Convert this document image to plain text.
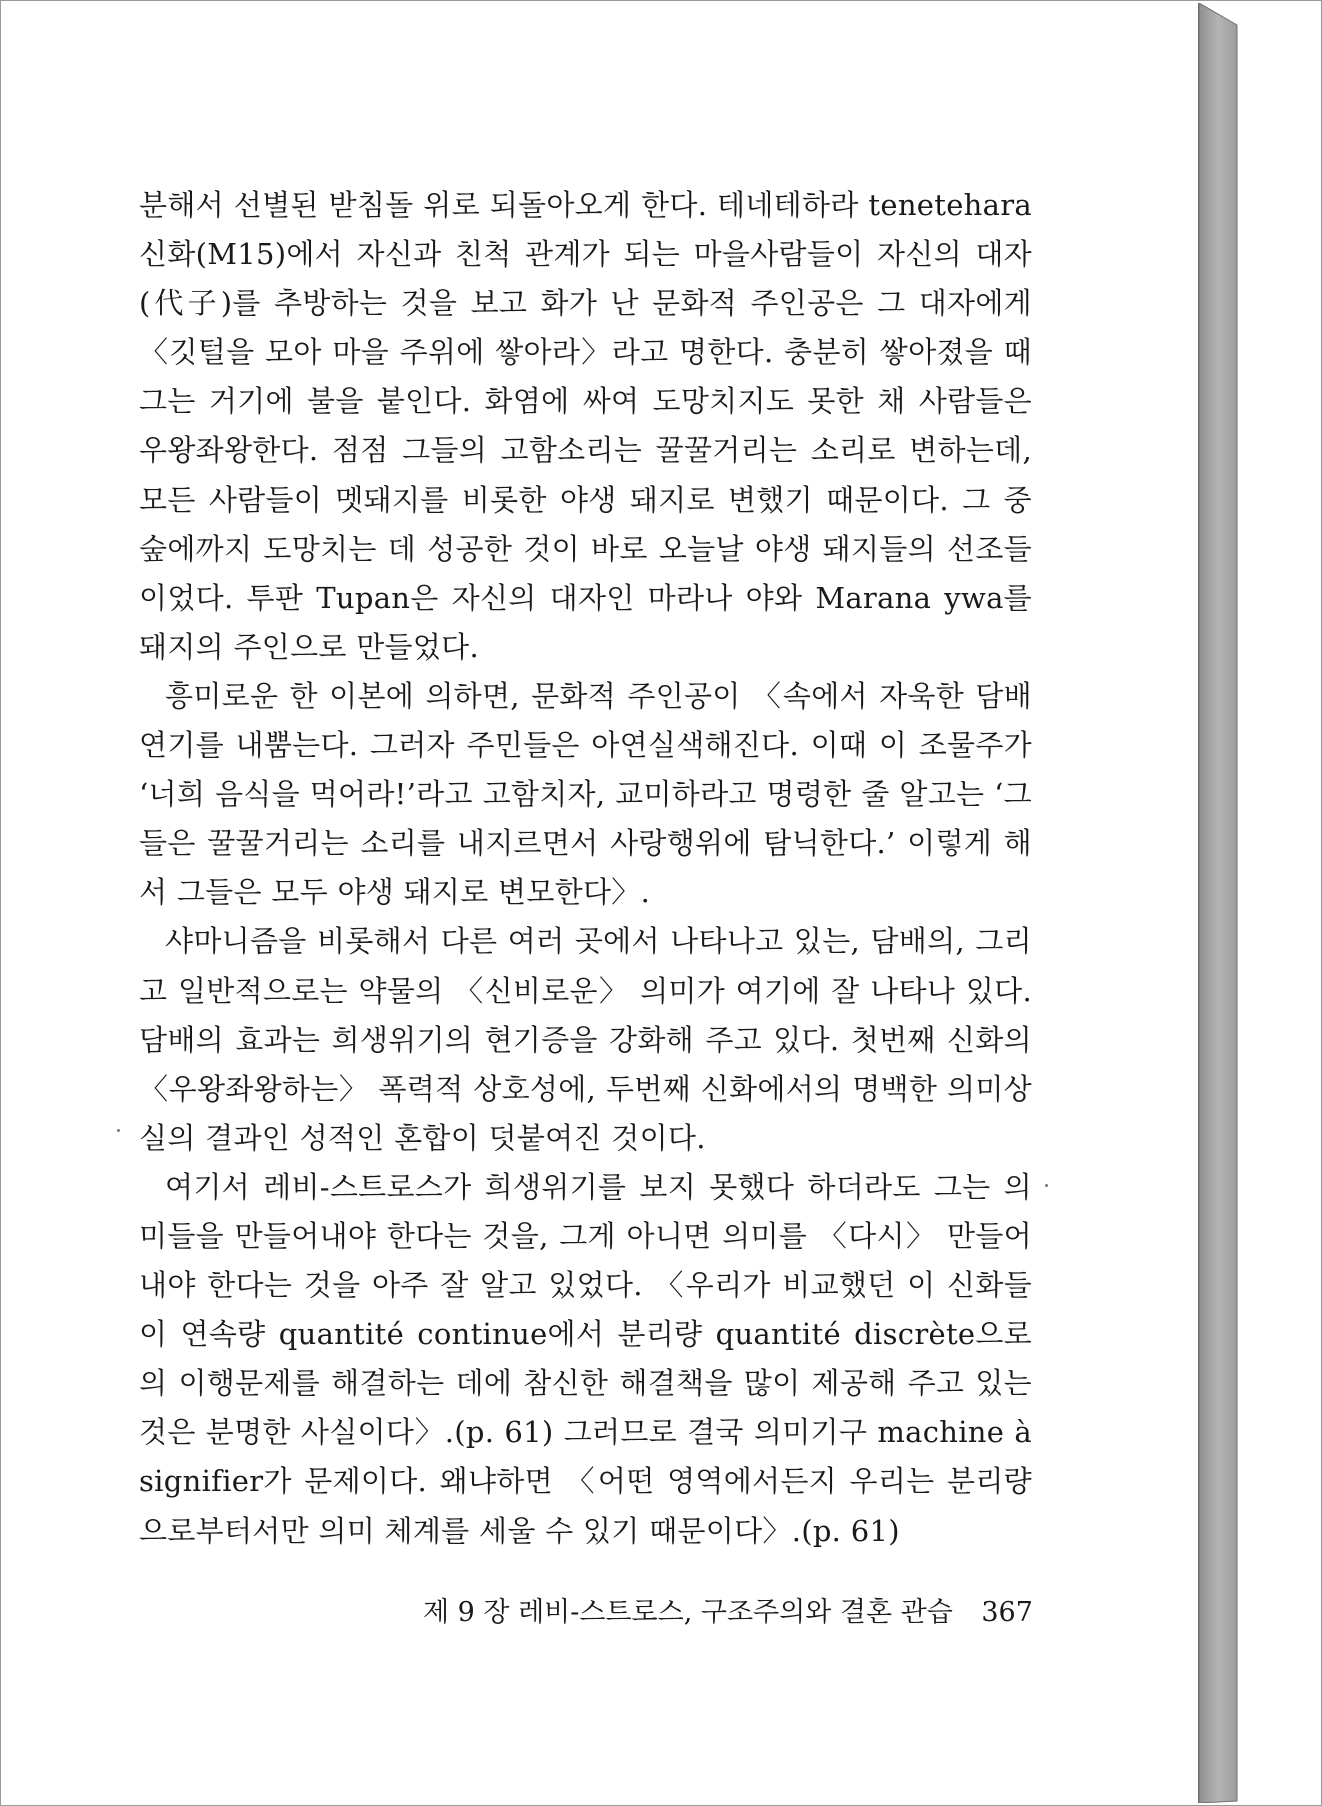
분해서 선별된 받침돌 위로 되돌아오게 한다. 테네테하라 tenetehara 신화(M15)에서 자신과 친척 관계가 되는 마을사람들이 자신의 대자(代子)를 추방하는 것을 보고 화가 난 문화적 주인공은 그 대자에게 〈깃털을 모아 마을 주위에 쌓아라〉라고 명한다. 충분히 쌓아졌을 때 그는 거기에 불을 붙인다. 화염에 싸여 도망치지도 못한 채 사람들은 우왕좌왕한다. 점점 그들의 고함소리는 꿀꿀거리는 소리로 변하는데, 모든 사람들이 멧돼지를 비롯한 야생 돼지로 변했기 때문이다. 그 중 숲에까지 도망치는 데 성공한 것이 바로 오늘날 야생 돼지들의 선조들이었다. 투판 Tupan은 자신의 대자인 마라나 야와 Marana ywa를 돼지의 주인으로 만들었다.

흥미로운 한 이본에 의하면, 문화적 주인공이 〈속에서 자욱한 담배연기를 내뿜는다. 그러자 주민들은 아연실색해진다. 이때 이 조물주가 ‘너희 음식을 먹어라!’라고 고함치자, 교미하라고 명령한 줄 알고는 ‘그들은 꿀꿀거리는 소리를 내지르면서 사랑행위에 탐닉한다.’ 이렇게 해서 그들은 모두 야생 돼지로 변모한다〉.

샤마니즘을 비롯해서 다른 여러 곳에서 나타나고 있는, 담배의, 그리고 일반적으로는 약물의 〈신비로운〉 의미가 여기에 잘 나타나 있다. 담배의 효과는 희생위기의 현기증을 강화해 주고 있다. 첫번째 신화의 〈우왕좌왕하는〉 폭력적 상호성에, 두번째 신화에서의 명백한 의미상실의 결과인 성적인 혼합이 덧붙여진 것이다.

여기서 레비-스트로스가 희생위기를 보지 못했다 하더라도 그는 의미들을 만들어내야 한다는 것을, 그게 아니면 의미를 〈다시〉 만들어내야 한다는 것을 아주 잘 알고 있었다. 〈우리가 비교했던 이 신화들이 연속량 quantité continue에서 분리량 quantité discrète으로의 이행문제를 해결하는 데에 참신한 해결책을 많이 제공해 주고 있는 것은 분명한 사실이다〉.(p. 61) 그러므로 결국 의미기구 machine à signifier가 문제이다. 왜냐하면 〈어떤 영역에서든지 우리는 분리량으로부터서만 의미 체계를 세울 수 있기 때문이다〉.(p. 61)

제 9 장 레비-스트로스, 구조주의와 결혼 관습 367
